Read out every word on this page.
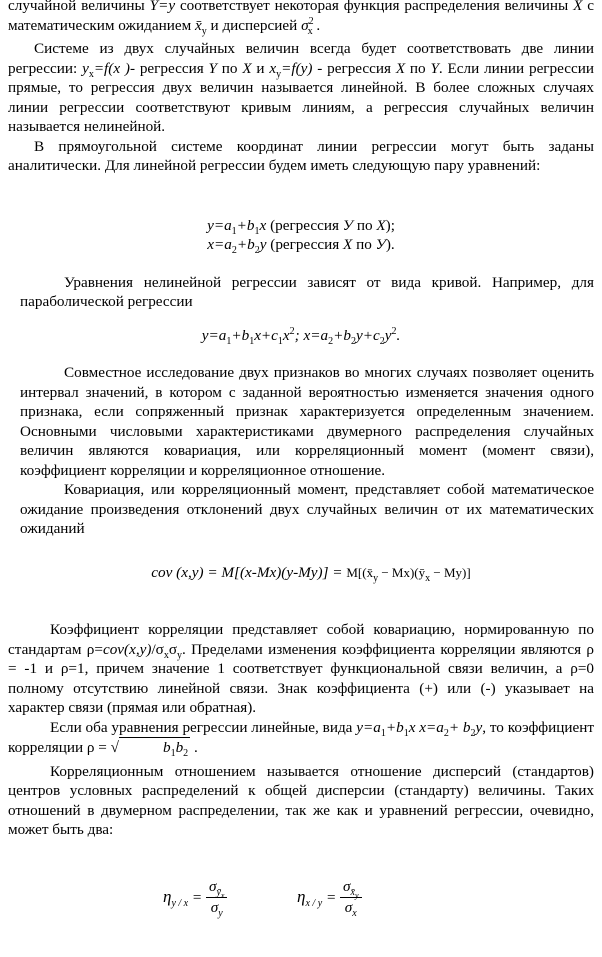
случайной величины Y=y соответствует некоторая функция распределения величины X с математическим ожиданием $x̄_y$ и дисперсией $\sigma^2_x$ .

Системе из двух случайных величин всегда будет соответствовать две линии регрессии: $y_x=f(x$ )- регрессия Y по X и $x_y=f(y)$ - регрессия X по Y. Если линии регрессии прямые, то регрессия двух величин называется линейной. В более сложных случаях линии регрессии соответствуют кривым линиям, а регрессия случайных величин называется нелинейной.

В прямоугольной системе координат линии регрессии могут быть заданы аналитически. Для линейной регрессии будем иметь следующую пару уравнений:

$y=a_1+b_1x$ (регрессия У по Х);

$x=a_2+b_2y$ (регрессия Х по У).

Уравнения нелинейной регрессии зависят от вида кривой. Например, для параболической регрессии

$y=a_1+b_1x+c_1x^2$; $x=a_2+b_2y+c_2y^2$.

Совместное исследование двух признаков во многих случаях позволяет оценить интервал значений, в котором с заданной вероятностью изменяется значения одного признака, если сопряженный признак характеризуется определенным значением. Основными числовыми характеристиками двумерного распределения случайных величин являются ковариация, или корреляционный момент (момент связи), коэффициент корреляции и корреляционное отношение.

Ковариация, или корреляционный момент, представляет собой математическое ожидание произведения отклонений двух случайных величин от их математических ожиданий

cov $(x,y) = M[(x-Mx)(y-My)] = M[(x̄_y$ − $Mx)(ȳ_x - My)$]

Коэффициент корреляции представляет собой ковариацию, нормированную по стандартам $\rho=cov(x,y)/\sigma_x\sigma_y$. Пределами изменения коэффициента корреляции являются ρ = -1 и ρ=1, причем значение 1 соответствует функциональной связи величин, а ρ=0 полному отсутствию линейной связи. Знак коэффициента (+) или (-) указывает на характер связи (прямая или обратная).

Если оба уравнения регрессии линейные, вида $y=a_1+b_1x$ $x=a_2+ b_2y$, то коэффициент корреляции ρ = √	$b_1b_2$ .

Корреляционным отношением называется отношение дисперсий (стандартов) центров условных распределений к общей дисперсии (стандарту) величины. Таких отношений в двумерном распределении, так же как и уравнений регрессии, очевидно, может быть два:

$\eta_{y / x} = \frac{\sigma_{ȳ_x}}{\sigma_y}$	$\eta_{x / y} = \frac{\sigma_{x̄_y}}{\sigma_x}$
